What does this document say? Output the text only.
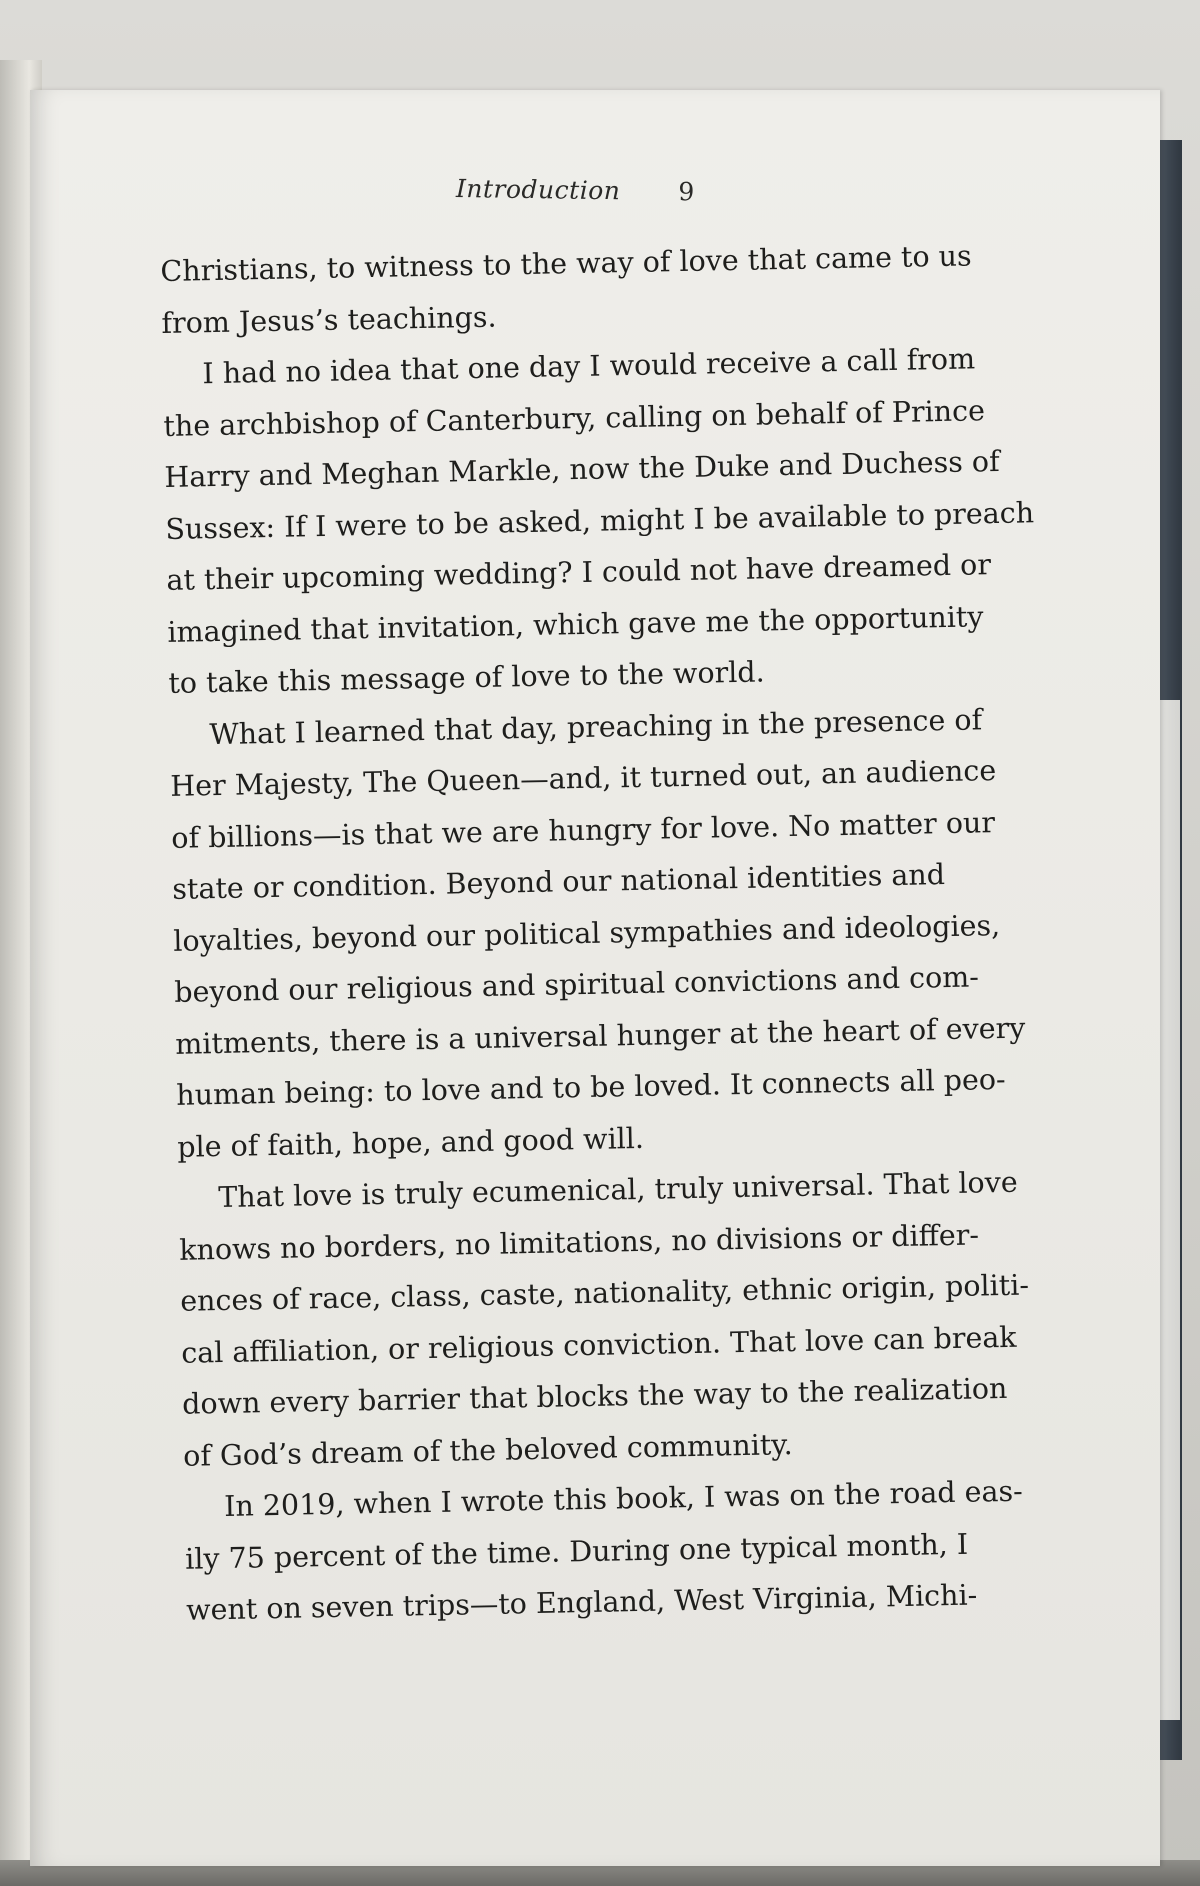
Introduction 9
Christians, to witness to the way of love that came to us
from Jesus’s teachings.
I had no idea that one day I would receive a call from
the archbishop of Canterbury, calling on behalf of Prince
Harry and Meghan Markle, now the Duke and Duchess of
Sussex: If I were to be asked, might I be available to preach
at their upcoming wedding? I could not have dreamed or
imagined that invitation, which gave me the opportunity
to take this message of love to the world.
What I learned that day, preaching in the presence of
Her Majesty, The Queen—and, it turned out, an audience
of billions—is that we are hungry for love. No matter our
state or condition. Beyond our national identities and
loyalties, beyond our political sympathies and ideologies,
beyond our religious and spiritual convictions and com-
mitments, there is a universal hunger at the heart of every
human being: to love and to be loved. It connects all peo-
ple of faith, hope, and good will.
That love is truly ecumenical, truly universal. That love
knows no borders, no limitations, no divisions or differ-
ences of race, class, caste, nationality, ethnic origin, politi-
cal affiliation, or religious conviction. That love can break
down every barrier that blocks the way to the realization
of God’s dream of the beloved community.
In 2019, when I wrote this book, I was on the road eas-
ily 75 percent of the time. During one typical month, I
went on seven trips—to England, West Virginia, Michi-
